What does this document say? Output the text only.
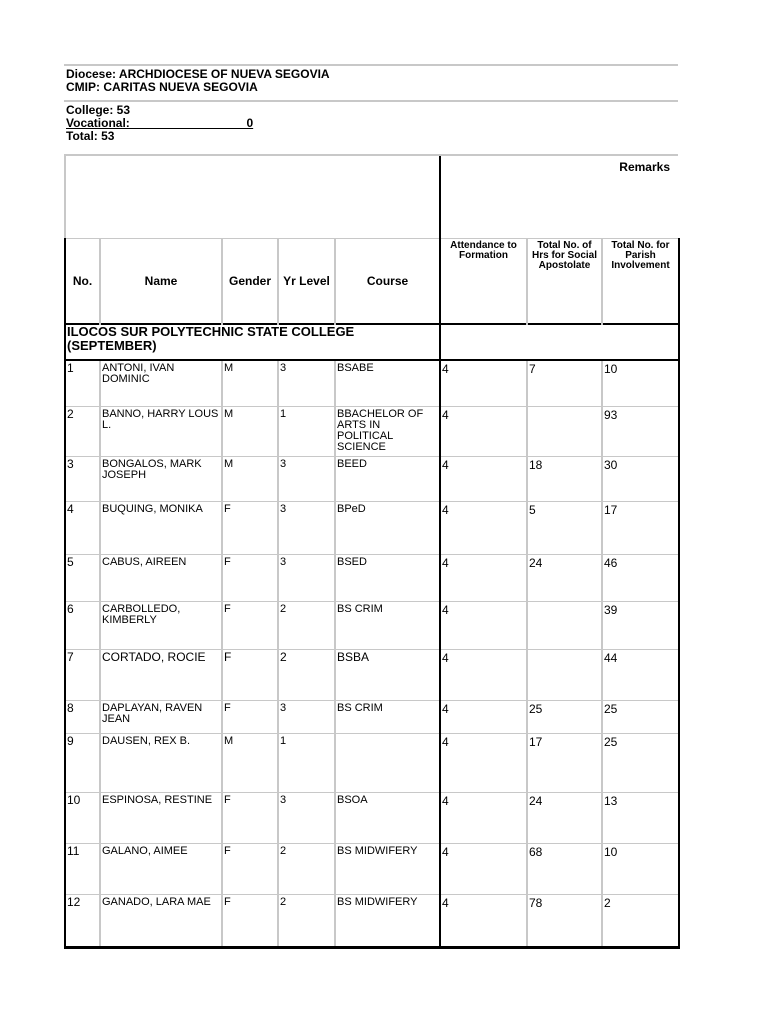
Diocese: ARCHDIOCESE OF NUEVA SEGOVIA
CMIP: CARITAS NUEVA SEGOVIA
College: 53
Vocational:                                   0
Total: 53
Remarks
No.	Name	Gender	Yr Level	Course	Attendance to Formation	Total No. of Hrs for Social Apostolate	Total No. for Parish Involvement
ILOCOS SUR POLYTECHNIC STATE COLLEGE (SEPTEMBER)							
1	ANTONI, IVAN DOMINIC	M	3	BSABE	4	7	10
2	BANNO, HARRY LOUS L.	M	1	BBACHELOR OF ARTS IN POLITICAL SCIENCE	4		93
3	BONGALOS, MARK JOSEPH	M	3	BEED	4	18	30
4	BUQUING, MONIKA	F	3	BPeD	4	5	17
5	CABUS, AIREEN	F	3	BSED	4	24	46
6	CARBOLLEDO, KIMBERLY	F	2	BS CRIM	4		39
7	CORTADO, ROCIE	F	2	BSBA	4		44
8	DAPLAYAN, RAVEN JEAN	F	3	BS CRIM	4	25	25
9	DAUSEN, REX B.	M	1		4	17	25
10	ESPINOSA, RESTINE	F	3	BSOA	4	24	13
11	GALANO, AIMEE	F	2	BS MIDWIFERY	4	68	10
12	GANADO, LARA MAE	F	2	BS MIDWIFERY	4	78	2
